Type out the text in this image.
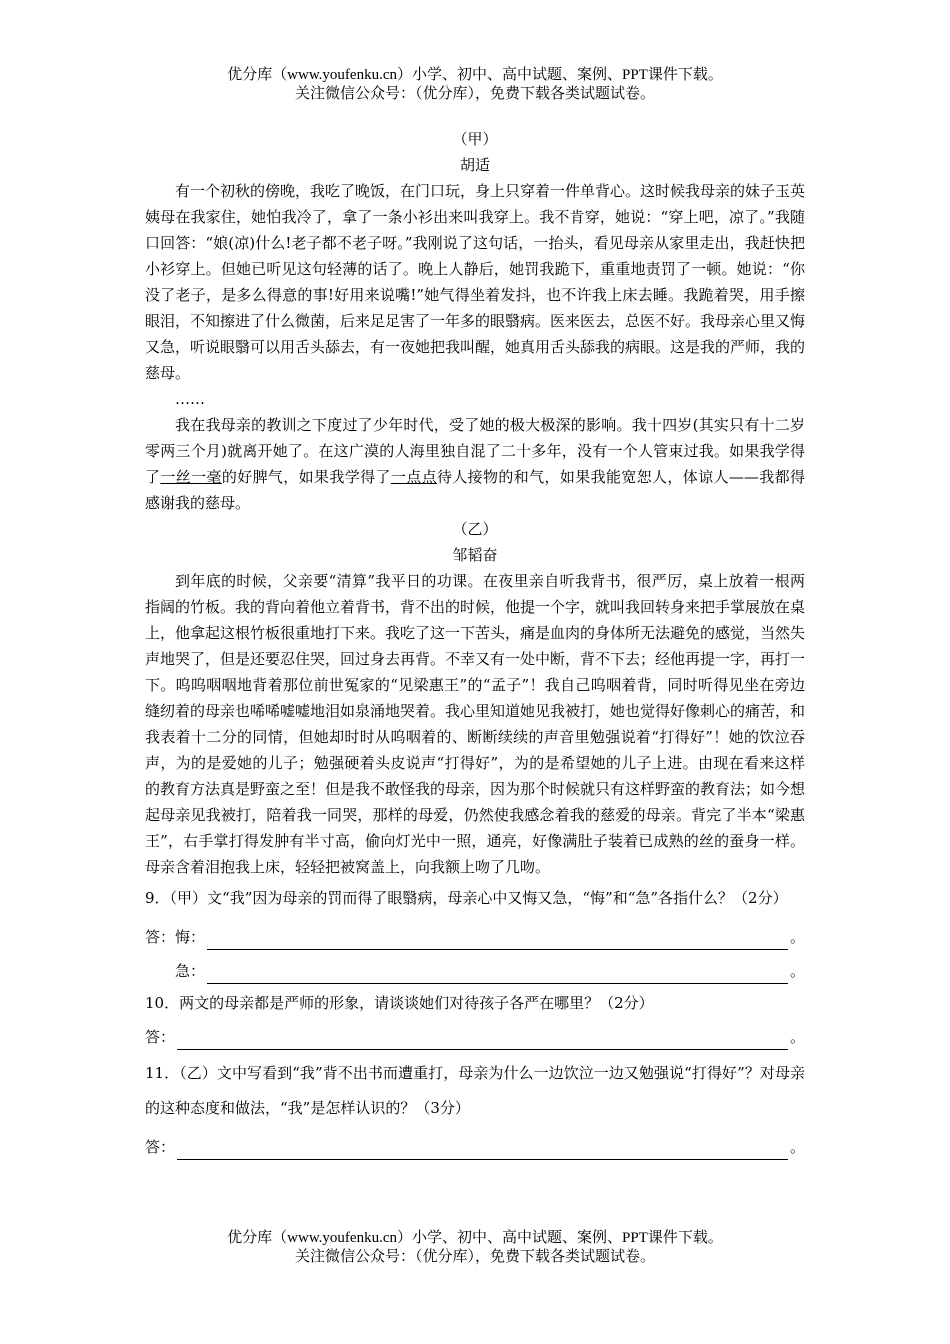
优分库（www.youfenku.cn）小学、初中、高中试题、案例、PPT课件下载。
关注微信公众号：（优分库），免费下载各类试题试卷。
（甲）
胡适
有一个初秋的傍晚，我吃了晚饭，在门口玩，身上只穿着一件单背心。这时候我母亲的妹子玉英姨母在我家住，她怕我冷了，拿了一条小衫出来叫我穿上。我不肯穿，她说：“穿上吧，凉了。”我随口回答：“娘(凉)什么!老子都不老子呀。”我刚说了这句话，一抬头，看见母亲从家里走出，我赶快把小衫穿上。但她已听见这句轻薄的话了。晚上人静后，她罚我跪下，重重地责罚了一顿。她说：“你没了老子，是多么得意的事!好用来说嘴!”她气得坐着发抖，也不许我上床去睡。我跪着哭，用手擦眼泪，不知擦进了什么微菌，后来足足害了一年多的眼翳病。医来医去，总医不好。我母亲心里又悔又急，听说眼翳可以用舌头舔去，有一夜她把我叫醒，她真用舌头舔我的病眼。这是我的严师，我的慈母。
……
我在我母亲的教训之下度过了少年时代，受了她的极大极深的影响。我十四岁(其实只有十二岁零两三个月)就离开她了。在这广漠的人海里独自混了二十多年，没有一个人管束过我。如果我学得了一丝一毫的好脾气，如果我学得了一点点待人接物的和气，如果我能宽恕人，体谅人——我都得感谢我的慈母。
（乙）
邹韬奋
到年底的时候，父亲要“清算”我平日的功课。在夜里亲自听我背书，很严厉，桌上放着一根两指阔的竹板。我的背向着他立着背书，背不出的时候，他提一个字，就叫我回转身来把手掌展放在桌上，他拿起这根竹板很重地打下来。我吃了这一下苦头，痛是血肉的身体所无法避免的感觉，当然失声地哭了，但是还要忍住哭，回过身去再背。不幸又有一处中断，背不下去；经他再提一字，再打一下。呜呜咽咽地背着那位前世冤家的“见梁惠王”的“孟子”！我自己呜咽着背，同时听得见坐在旁边缝纫着的母亲也唏唏嘘嘘地泪如泉涌地哭着。我心里知道她见我被打，她也觉得好像刺心的痛苦，和我表着十二分的同情，但她却时时从呜咽着的、断断续续的声音里勉强说着“打得好”！她的饮泣吞声，为的是爱她的儿子；勉强硬着头皮说声“打得好”，为的是希望她的儿子上进。由现在看来这样的教育方法真是野蛮之至！但是我不敢怪我的母亲，因为那个时候就只有这样野蛮的教育法；如今想起母亲见我被打，陪着我一同哭，那样的母爱，仍然使我感念着我的慈爱的母亲。背完了半本“梁惠王”，右手掌打得发肿有半寸高，偷向灯光中一照，通亮，好像满肚子装着已成熟的丝的蚕身一样。母亲含着泪抱我上床，轻轻把被窝盖上，向我额上吻了几吻。
9．（甲）文“我”因为母亲的罚而得了眼翳病，母亲心中又悔又急，“悔”和“急”各指什么？（2分）
答：悔：	。
急：	。
10．两文的母亲都是严师的形象，请谈谈她们对待孩子各严在哪里？（2分）
答：	。
11．（乙）文中写看到“我”背不出书而遭重打，母亲为什么一边饮泣一边又勉强说“打得好”？对母亲的这种态度和做法，“我”是怎样认识的？（3分）
答：	。
优分库（www.youfenku.cn）小学、初中、高中试题、案例、PPT课件下载。
关注微信公众号：（优分库），免费下载各类试题试卷。
